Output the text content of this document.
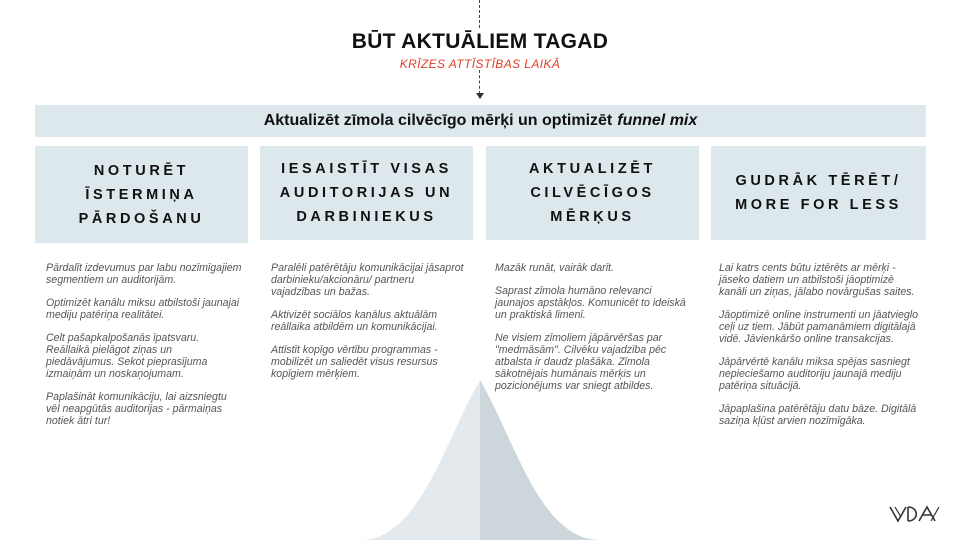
BŪT AKTUĀLIEM TAGAD
KRĪZES ATTĪSTĪBAS LAIKĀ
Aktualizēt zīmola cilvēcīgo mērķi un optimizēt funnel mix
NOTURĒT
ĪSTERMIŅA
PĀRDOŠANU

Pārdalīt izdevumus par labu nozīmīgajiem segmentiem un auditorijām.

Optimizēt kanālu miksu atbilstoši jaunajai mediju patēriņa realitātei.

Celt pašapkalpošanās īpatsvaru. Reāllaikā pielāgot ziņas un piedāvājumus. Sekot pieprasījuma izmaiņām un noskaņojumam.

Paplašināt komunikāciju, lai aizsniegtu vēl neapgūtās auditorijas - pārmaiņas notiek ātri tur!

IESAISTĪT VISAS
AUDITORIJAS UN
DARBINIEKUS

Paralēli patērētāju komunikācijai jāsaprot darbinieku/akcionāru/ partneru vajadzības un bažas.

Aktivizēt sociālos kanālus aktuālām reāllaika atbildēm un komunikācijai.

Attīstīt kopīgo vērtību programmas - mobilizēt un saliedēt visus resursus kopīgiem mērķiem.

AKTUALIZĒT
CILVĒCĪGOS
MĒRĶUS

Mazāk runāt, vairāk darīt.

Saprast zīmola humāno relevanci jaunajos apstākļos. Komunicēt to ideiskā un praktiskā līmenī.

Ne visiem zīmoliem jāpārvēršas par "medmāsām". Cilvēku vajadzība pēc atbalsta ir daudz plašāka. Zīmola sākotnējais humānais mērķis un pozicionējums var sniegt atbildes.

GUDRĀK TĒRĒT/
MORE FOR LESS

Lai katrs cents būtu iztērēts ar mērķi - jāseko datiem un atbilstoši jāoptimizē kanāli un ziņas, jālabo novārgušas saites.

Jāoptimizē online instrumenti un jāatvieglo ceļi uz tiem. Jābūt pamanāmiem digitālajā vidē. Jāvienkāršo online transakcijas.

Jāpārvērtē kanālu miksa spējas sasniegt nepieciešamo auditoriju jaunajā mediju patēriņa situācijā.

Jāpaplašina patērētāju datu bāze. Digitālā saziņa kļūst arvien nozīmīgāka.
